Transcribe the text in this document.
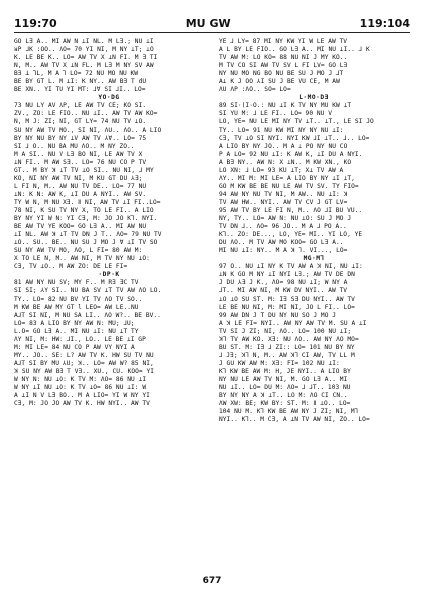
119:70	MU GW	119:104
GO L∃ A.. MI AW N ⊥I NL. M L∃.; NU ⊥I
ᴚP ᒧK :OO.. ΛO= 70 YI NI, M NY ⊥T; ⊥O
K. LE BE K.. LO= AW TV X ⊥N FI. M Ǝ TI
N, M.. AW TV X ⊥N FL. M L∃ M NY SV AW
B∃ ꓕ ꓶL, M A ꓶ LO= 72 NU MO NU KW
BE BY GT L. M ⊥I: K NY.. AW B∃ T dU
BE XN.. YI TU YI MT: ⅃∀ SI ⅃I.. LO=
YO·DG
73 NU LY AV ɅP, LE AW TV CE; KO SI.
ZV., ZO: LE FIO.. NU ⊥I.. AW TV AW KO=
N, M J: ZI; NI, GT LY= 74 NU TV ⊥O.
SU NY AW TV MO., SI NI, ɅU.. ɅO.. A LIO
BY NY NU BY NY ⊥V AW TV ⅄Ɐ.. LO= 75
SI ⅃ O.. NU BA MU ɅO.. M NY ZO..
M A SI.. NU V L∃ BO NI, LE AW TV X
⊥N FI.. M AW SƎ.. LO= 76 NU CO P TV
GT.. M BY ꓘ ⊥T TV ⊥O SI.. NU NI, ⅃ MY
KO, NI NY AW TV NI, M KU GT DU ⅄Ǝ;
L FI N, M.. AW NU TV DE.. LO= 77 NU
⊥N: K N: AW K, ⊥I DU A NYI.. AW SV.
TY W N, M NU X∃. Ⅱ NI, AW TV ⊥I FI..LO=
78 NI, K SU TV NY X, TO LE FI.. A LIO
BY NY YI W N: YI C∃, M: JO JO K⅂. NYI.
BE AW TV YE KOO= GO L∃ A.. MI AW NU
⊥I NL. AW ꓘ ⊥T TV DN J T.. ɅO= 79 NU TV
⊥O.. SU.. BE.. NU SU J MO J Ɐ ⊥I TV SO
SU NY AW TV MO, ɅO, L FI= 80 AW M:
X TO LE N, M.. AW NI, M TV NY NU ⊥O:
C∃, TV ⊥O.. M AW ZO: DE LE FI=
·DP·K
81 AW NY NU SV; MY F.. M R∃ ƎC TV
SI SI; ⅄Y SI.. NU BA SV ⊥T TV AW ɅO LO.
TY.. LO= 82 NU BV YI TV ɅO TV SO..
M KW BE AW MY GT l LEO= AW LE..NU
A⅃T SI NI, M NU SA LI.. ɅO W?.. BE BV..
LO= 83 A LIO BY NY AW N: MU; ⅃U;
L.O= GO L∃ A.. MI NU ⊥I: NU ⊥T TY
ɅY NI, M: HW: ⅃I., LO.. LE BE ⊥I GP
M: MI LE= 84 NU CO P AW VY NYI A
MY.. JO.. SE: L? AW TV K. HW SU TV NU
A⅃T SI BY MU ⅄U; ꓘ.. LO= AW W? 85 NI,
ꓘ SU NY AW B∃ T V∃.. XU., CU. KOO= YI
W NY N: NU ⊥O: K TV M: ɅO= 86 NU ⊥I
W NY ⊥I NU ⊥O: K TV ⊥O= 86 NU ⊥I: W
A ⊥I N V L∃ BO.. M A LIO= YI W NY YI
C∃, M: JO JO AW TV K. HW NYI.. AW TV
YE ⅃ LY= 87 MI NY KW YI W LE AW TV
A L BY LE FIO.. GO L∃ A.. MI NU ⊥I.. ⅃ K
TV AW M: LO KO= 88 NU NI J MY KO..
M TV CO SI AW TV SV L FI LV= GO L∃
NY NU MO NG BO NU BE SU J MO J ⅃T
A⊥ K J OO ⅄I SU J BE VU CE, M AW
ɅU ɅP :ɅO.. SO= LO=
L·MO·D∃
89 SI·(I·O.: NU ⊥I K TV NY MU KW ⊥T
SI YU M: ⅃ LE FI.. LO= 90 NU V
LO, YE= NU LE MI NY TV ⊥T.. ⊥T., LE SI JO
TY.. LO= 91 NU KW MI NY NY NU ⊥I:
C∃, TV ⊥O SI NYI. NYI KW ⅃I ⊥T.. ⅃.. LO=
A LIO BY NY JO.. M A ⊥ PO NY NU CO
P A LO= 92 NU ⊥I: K AW K, ⊥I DU A NYI.
A B∃ NY.. AW N: X ⊥N.. M KW XN., KO
LO XN: ⅃ LO= 93 KU ⊥T; X⊥ TV AW A
ɅY.. MI M: MI LE= A LIO BY NY ⊥I ⊥T,
GO M KW BE BE NU LE AW TV SV. TY FIO=
94 AW NY NU TV NI, M AW.. NU ⊥I: ꓘ
TV AW HW.. NYI.. AW TV CV J GT LV=
95 AW TV BY LE FI N, M.. ɅO ⅃I BU VU..
NY, TY.. LO= AW N: NU ⊥O: SU J MO J
TV DN ⅃.. ɅO= 96 JO.. M A ⅃ PO A..
K⅂.. ZO: DE..., LO, YE= MI.. YI LO, YE
DU ɅO.. M TV AW MO KOO= GO L∃ A..
MI NU ⊥I: NY.. M A ꓘ ⅂. VI..., LO=
MG·M⅂
97 O.. NU ⊥I NY K TV AW A ꓘ NI, NU ⊥I:
⊥N K GO M NY ⊥I NYI L∃.; AW TV DE DN
J DU ⅄Ǝ J K., ɅO= 98 NU ⊥I; W NY A
⅃T.. MI AW NI, M KW DV NYI.. AW TV
⊥O ⊥O SU ST. M: I∃ SƎ DU NYI.. AW TV
LE BE NU NI, M: MI NI, JO L FI.. LO=
99 AW DN J T DU NY NU SO J MO J
A ꓘ LE FI= NYI.. AW NY AW TV M. SU A ⊥I
TV SI J ZI; NI, ɅO.. LO= 100 NU ⊥I;
ꓘ⅂ TV AW KO. X∃: NU ɅO.. AW NY ɅO MO=
BU ST. M: I∃ ⅃ ZI:: LO= 101 NU BY NY
⅃ J∃; ꓘ⅂ N, M.. AW ꓘ⅂ CI AW, TV LL M
J GU KW AW M: X∃: FI= 102 NU ⊥I:
K⅂ KW BE AW M: H, JE NYI.. A LIO BY
NY NU LE AW TV NI, M. GO L∃ A.. MI
NU ⊥I.. LO= DU M: ɅO= ⅃ ⅃T.. 103 NU
BY NY NY A ꓘ ⊥T.. LO M: ɅO CI CN..
ɅW XW: BE; KW BY: ST. M: Ⅱ ⊥O.. LO=
104 NU M. K⅂ KW BE AW NY J ZI; NI, M⅂
NYI.. K⅂.. M C∃, A ⊥N TV AW NI, ZO.. LO=
677
